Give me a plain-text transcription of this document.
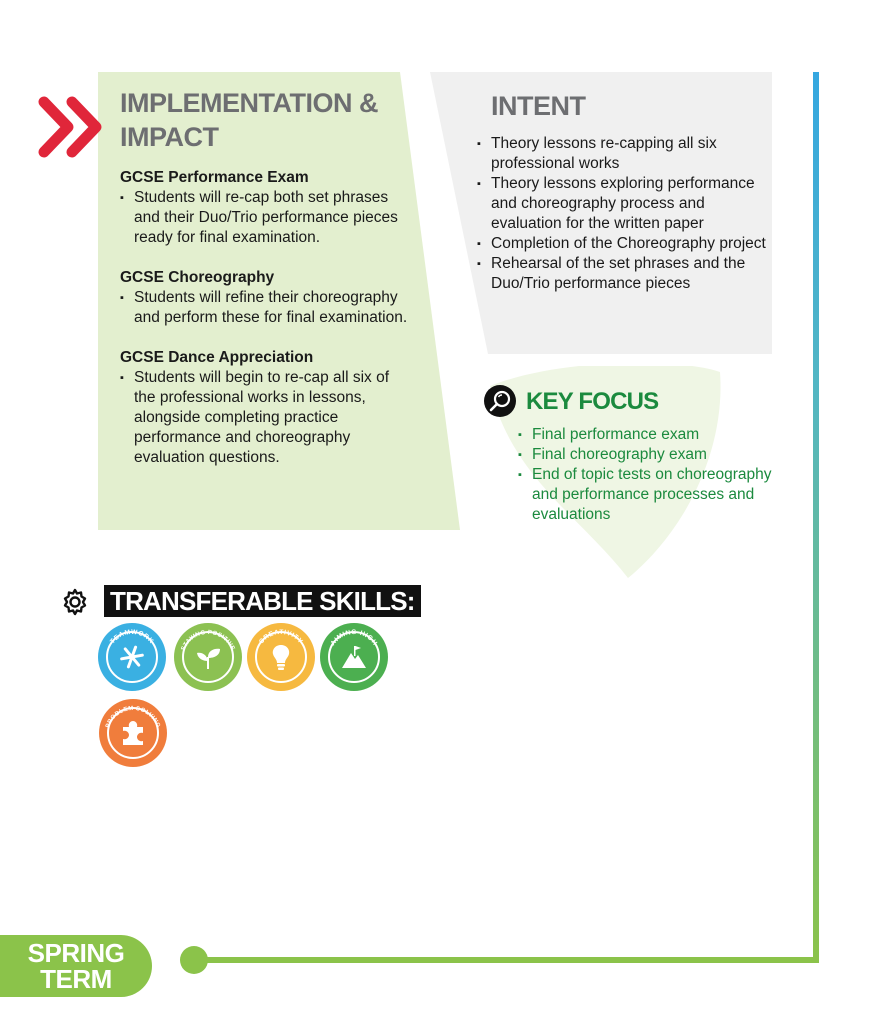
IMPLEMENTATION &
IMPACT
GCSE Performance Exam
▪ Students will re-cap both set phrases and their Duo/Trio performance pieces ready for final examination.
GCSE Choreography
▪ Students will refine their choreography and perform these for final examination.
GCSE Dance Appreciation
▪ Students will begin to re-cap all six of the professional works in lessons, alongside completing practice performance and choreography evaluation questions.
INTENT
▪ Theory lessons re-capping all six professional works
▪ Theory lessons exploring performance and choreography process and evaluation for the written paper
▪ Completion of the Choreography project
▪ Rehearsal of the set phrases and the Duo/Trio performance pieces
KEY FOCUS
▪ Final performance exam
▪ Final choreography exam
▪ End of topic tests on choreography and performance processes and evaluations
TRANSFERABLE SKILLS:
TEAMWORK
STAYING POSITIVE
CREATIVITY	AIMING HIGH
PROBLEM SOLVING
SPRING
TERM
